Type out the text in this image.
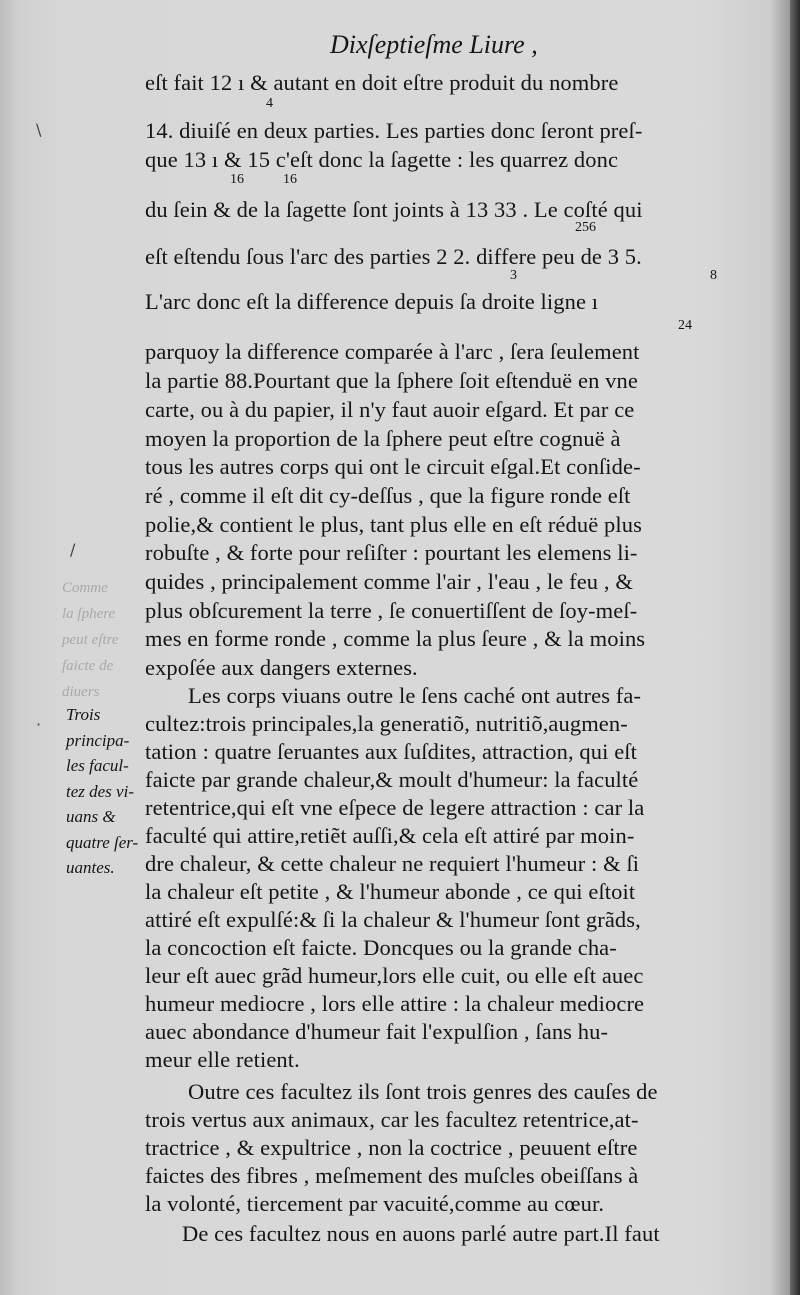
Dixſeptieſme Liure ,
eſt fait 12 ı & autant en doit eſtre produit du nombre
14. diuiſé en deux parties. Les parties donc ſeront preſ-
que 13 ı & 15 c'eſt donc la ſagette : les quarrez donc
du ſein & de la ſagette ſont joints à 13 33 . Le coſté qui
eſt eſtendu ſous l'arc des parties 2 2. differe peu de 3 5.
L'arc donc eſt la difference depuis ſa droite ligne ı
parquoy la difference comparée à l'arc , ſera ſeulement
la partie 88.Pourtant que la ſphere ſoit eſtenduë en vne
carte, ou à du papier, il n'y faut auoir eſgard. Et par ce
moyen la proportion de la ſphere peut eſtre cognuë à
tous les autres corps qui ont le circuit eſgal.Et conſide-
ré , comme il eſt dit cy-deſſus , que la figure ronde eſt
polie,& contient le plus, tant plus elle en eſt réduë plus
robuſte , & forte pour reſiſter : pourtant les elemens li-
quides , principalement comme l'air , l'eau , le feu , &
plus obſcurement la terre , ſe conuertiſſent de ſoy-meſ-
mes en forme ronde , comme la plus ſeure , & la moins
expoſée aux dangers externes.
Les corps viuans outre le ſens caché ont autres fa-
cultez:trois principales,la generatiõ, nutritiõ,augmen-
tation : quatre ſeruantes aux ſuſdites, attraction, qui eſt
faicte par grande chaleur,& moult d'humeur: la faculté
retentrice,qui eſt vne eſpece de legere attraction : car la
faculté qui attire,retiẽt auſſi,& cela eſt attiré par moin-
dre chaleur, & cette chaleur ne requiert l'humeur : & ſi
la chaleur eſt petite , & l'humeur abonde , ce qui eſtoit
attiré eſt expulſé:& ſi la chaleur & l'humeur ſont grãds,
la concoction eſt faicte. Doncques ou la grande cha-
leur eſt auec grãd humeur,lors elle cuit, ou elle eſt auec
humeur mediocre , lors elle attire : la chaleur mediocre
auec abondance d'humeur fait l'expulſion , ſans hu-
meur elle retient.
Outre ces facultez ils ſont trois genres des cauſes de
trois vertus aux animaux, car les facultez retentrice,at-
tractrice , & expultrice , non la coctrice , peuuent eſtre
faictes des fibres , meſmement des muſcles obeiſſans à
la volonté, tiercement par vacuité,comme au cœur.
De ces facultez nous en auons parlé autre part.Il faut
4
16	16
256
3	8
24
Comme
la ſphere
peut eſtre
faicte de
diuers
Trois
principa-
les facul-
tez des vi-
uans &
quatre ſer-
uantes.
\
/
·
